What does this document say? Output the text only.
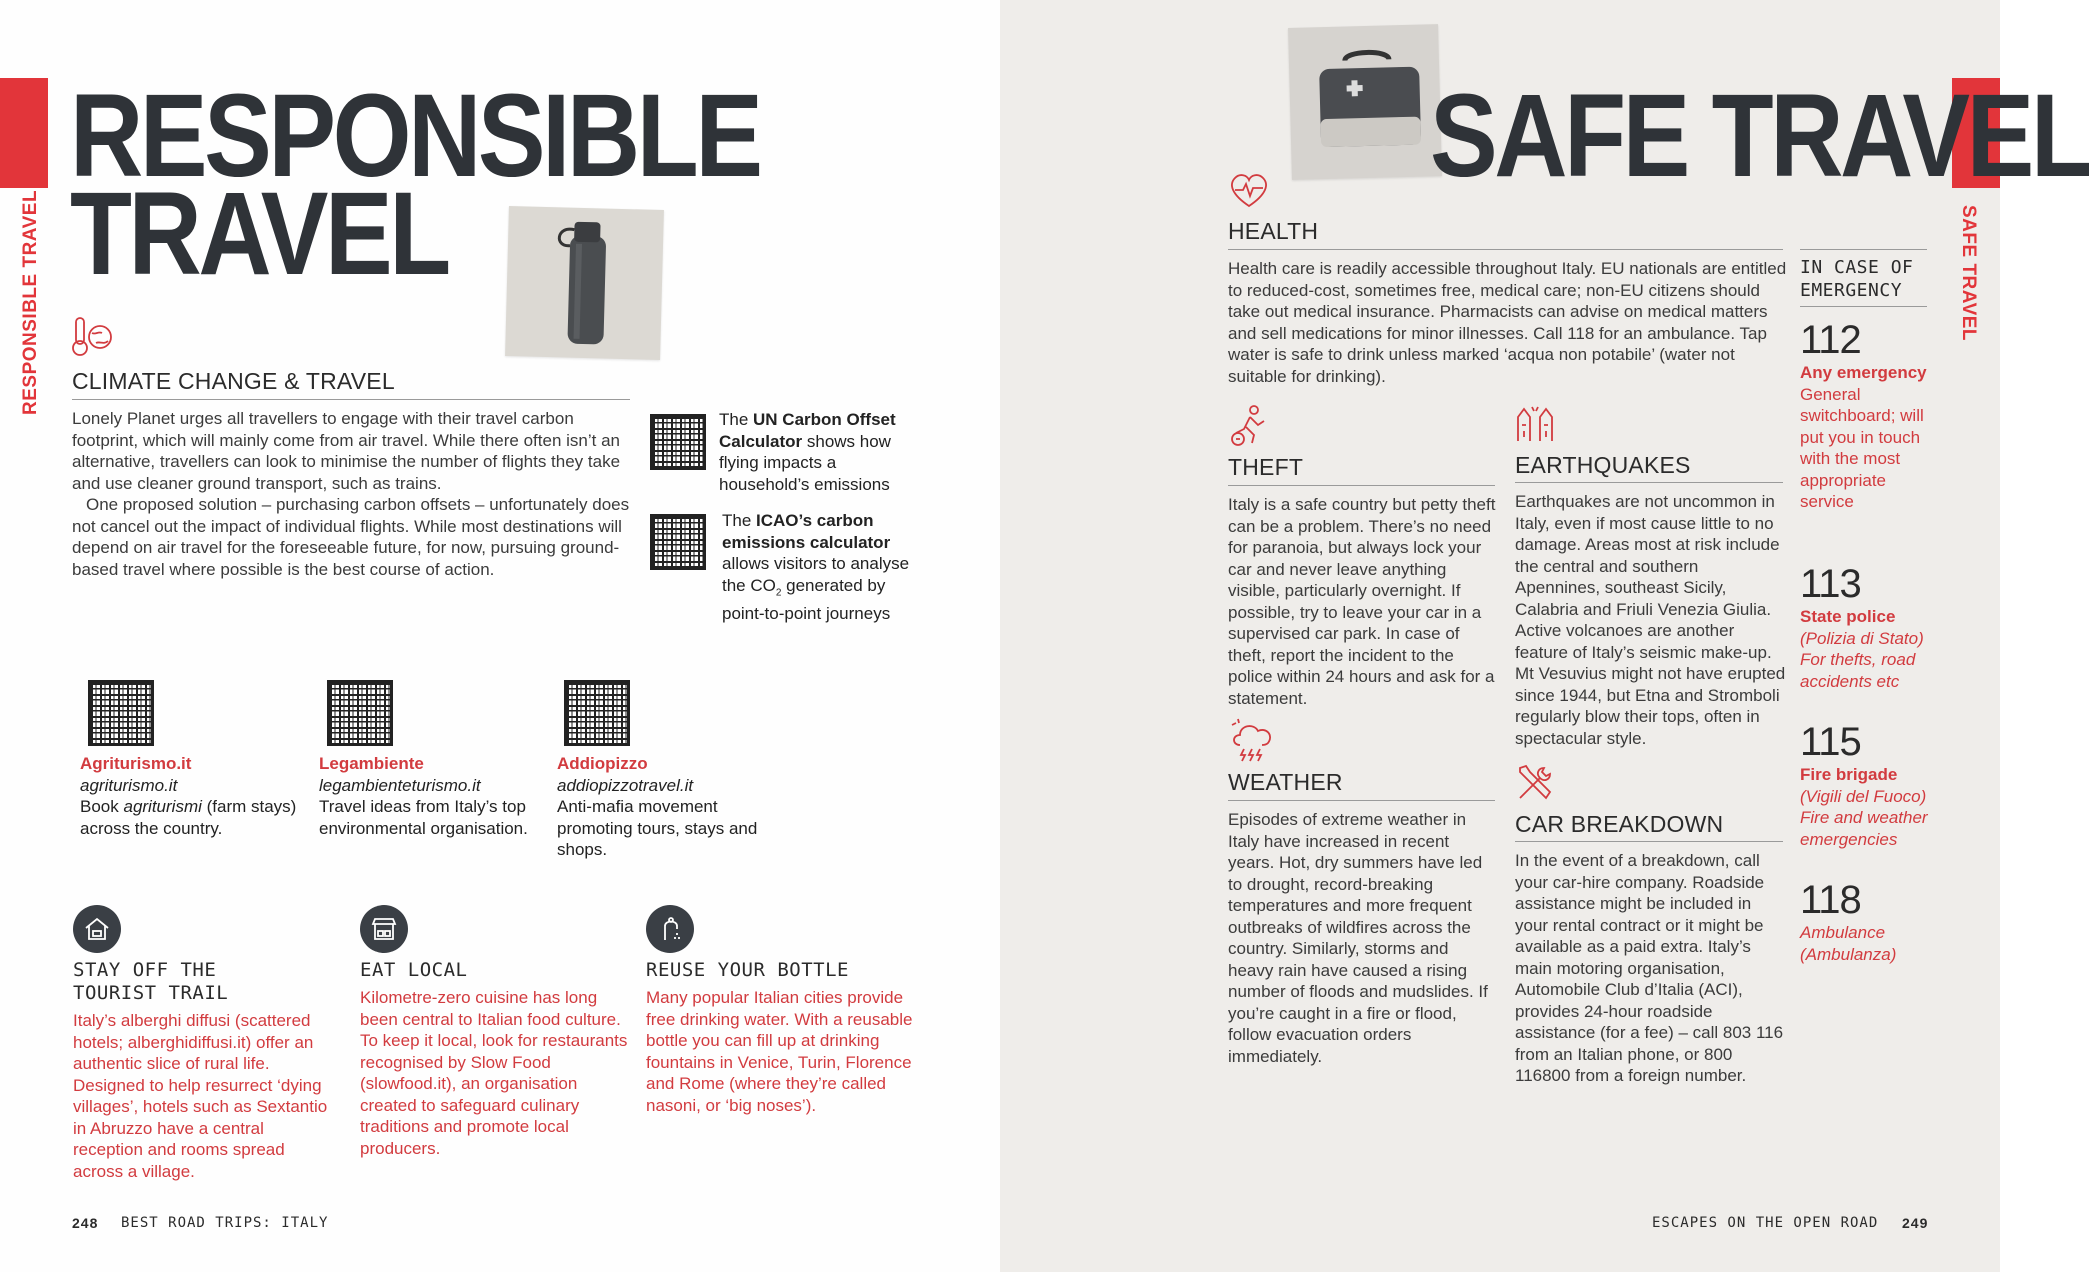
RESPONSIBLE TRAVEL
RESPONSIBLE
TRAVEL
CLIMATE CHANGE & TRAVEL
Lonely Planet urges all travellers to engage with their travel carbon footprint, which will mainly come from air travel. While there often isn’t an alternative, travellers can look to minimise the number of flights they take and use cleaner ground transport, such as trains.
One proposed solution – purchasing carbon offsets – unfortunately does not cancel out the impact of individual flights. While most destinations will depend on air travel for the foreseeable future, for now, pursuing ground-based travel where possible is the best course of action.
The UN Carbon Offset Calculator shows how flying impacts a household’s emissions
The ICAO’s carbon emissions calculator allows visitors to analyse the $CO_2$ generated by point-to-point journeys
Agriturismo.it
agriturismo.it
Book agriturismi (farm stays) across the country.
Legambiente
legambienteturismo.it
Travel ideas from Italy’s top environmental organisation.
Addiopizzo
addiopizzotravel.it
Anti-mafia movement promoting tours, stays and shops.
STAY OFF THE
TOURIST TRAIL
Italy’s alberghi diffusi (scattered hotels; alberghidiffusi.it) offer an authentic slice of rural life. Designed to help resurrect ‘dying villages’, hotels such as Sextantio in Abruzzo have a central reception and rooms spread across a village.
EAT LOCAL
Kilometre-zero cuisine has long been central to Italian food culture. To keep it local, look for restaurants recognised by Slow Food (slowfood.it), an organisation created to safeguard culinary traditions and promote local producers.
REUSE YOUR BOTTLE
Many popular Italian cities provide free drinking water. With a reusable bottle you can fill up at drinking fountains in Venice, Turin, Florence and Rome (where they’re called nasoni, or ‘big noses’).
248 BEST ROAD TRIPS: ITALY
SAFE TRAVEL
SAFE TRAVEL
HEALTH
Health care is readily accessible throughout Italy. EU nationals are entitled to reduced-cost, sometimes free, medical care; non-EU citizens should take out medical insurance. Pharmacists can advise on medical matters and sell medications for minor illnesses. Call 118 for an ambulance. Tap water is safe to drink unless marked ‘acqua non potabile’ (water not suitable for drinking).
THEFT
Italy is a safe country but petty theft can be a problem. There’s no need for paranoia, but always lock your car and never leave anything visible, particularly overnight. If possible, try to leave your car in a supervised car park. In case of theft, report the incident to the police within 24 hours and ask for a statement.
WEATHER
Episodes of extreme weather in Italy have increased in recent years. Hot, dry summers have led to drought, record-breaking temperatures and more frequent outbreaks of wildfires across the country. Similarly, storms and heavy rain have caused a rising number of floods and mudslides. If you’re caught in a fire or flood, follow evacuation orders immediately.
EARTHQUAKES
Earthquakes are not uncommon in Italy, even if most cause little to no damage. Areas most at risk include the central and southern Apennines, southeast Sicily, Calabria and Friuli Venezia Giulia. Active volcanoes are another feature of Italy’s seismic make-up. Mt Vesuvius might not have erupted since 1944, but Etna and Stromboli regularly blow their tops, often in spectacular style.
CAR BREAKDOWN
In the event of a breakdown, call your car-hire company. Roadside assistance might be included in your rental contract or it might be available as a paid extra. Italy’s main motoring organisation, Automobile Club d’Italia (ACI), provides 24-hour roadside assistance (for a fee) – call 803 116 from an Italian phone, or 800 116800 from a foreign number.
IN CASE OF
EMERGENCY
112
Any emergency
General switchboard; will put you in touch with the most appropriate service
113
State police
(Polizia di Stato) For thefts, road accidents etc
115
Fire brigade
(Vigili del Fuoco) Fire and weather emergencies
118
Ambulance (Ambulanza)
ESCAPES ON THE OPEN ROAD 249
